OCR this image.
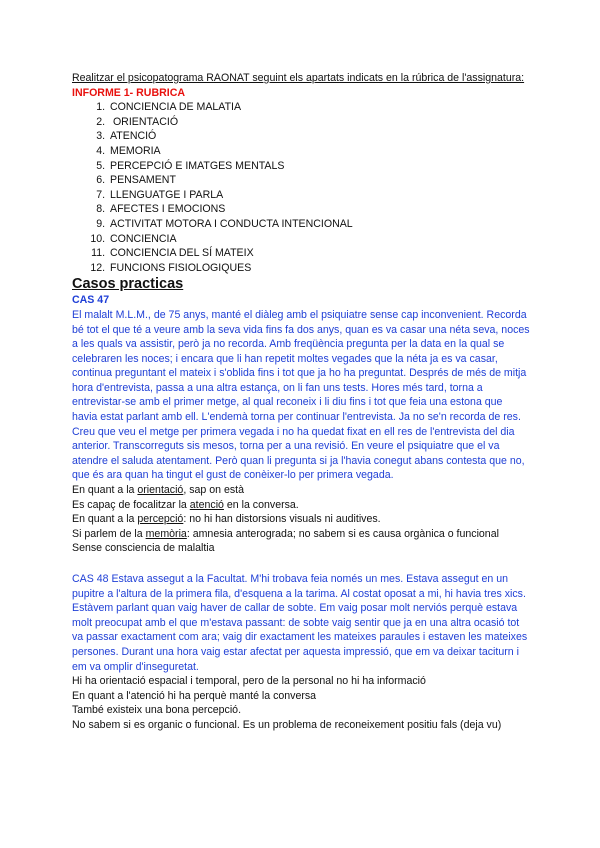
Realitzar el psicopatograma RAONAT seguint els apartats indicats en la rúbrica de l'assignatura:
INFORME 1- RUBRICA
1. CONCIENCIA DE MALATIA
2.  ORIENTACIÓ
3. ATENCIÓ
4. MEMORIA
5. PERCEPCIÓ E IMATGES MENTALS
6. PENSAMENT
7. LLENGUATGE I PARLA
8. AFECTES I EMOCIONS
9. ACTIVITAT MOTORA I CONDUCTA INTENCIONAL
10. CONCIENCIA
11. CONCIENCIA DEL SÍ MATEIX
12. FUNCIONS FISIOLOGIQUES
Casos practicas
CAS 47

El malalt M.L.M., de 75 anys, manté el diàleg amb el psiquiatre sense cap inconvenient. Recorda bé tot el que té a veure amb la seva vida fins fa dos anys, quan es va casar una néta seva, noces a les quals va assistir, però ja no recorda. Amb freqüència pregunta per la data en la qual se celebraren les noces; i encara que li han repetit moltes vegades que la néta ja es va casar, continua preguntant el mateix i s'oblida fins i tot que ja ho ha preguntat. Després de més de mitja hora d'entrevista, passa a una altra estança, on li fan uns tests. Hores més tard, torna a entrevistar-se amb el primer metge, al qual reconeix i li diu fins i tot que feia una estona que havia estat parlant amb ell. L'endemà torna per continuar l'entrevista. Ja no se'n recorda de res. Creu que veu el metge per primera vegada i no ha quedat fixat en ell res de l'entrevista del dia anterior. Transcorreguts sis mesos, torna per a una revisió. En veure el psiquiatre que el va atendre el saluda atentament. Però quan li pregunta si ja l'havia conegut abans contesta que no, que és ara quan ha tingut el gust de conèixer-lo per primera vegada.

En quant a la orientació, sap on està
Es capaç de focalitzar la atenció en la conversa.
En quant a la percepció: no hi han distorsions visuals ni auditives.
Si parlem de la memòria: amnesia anterograda; no sabem si es causa orgànica o funcional
Sense consciencia de malaltia

CAS 48 Estava assegut a la Facultat. M'hi trobava feia només un mes. Estava assegut en un pupitre a l'altura de la primera fila, d'esquena a la tarima. Al costat oposat a mi, hi havia tres xics. Estàvem parlant quan vaig haver de callar de sobte. Em vaig posar molt nerviós perquè estava molt preocupat amb el que m'estava passant: de sobte vaig sentir que ja en una altra ocasió tot va passar exactament com ara; vaig dir exactament les mateixes paraules i estaven les mateixes persones. Durant una hora vaig estar afectat per aquesta impressió, que em va deixar taciturn i em va omplir d'inseguretat.

Hi ha orientació espacial i temporal, pero de la personal no hi ha informació
En quant a l'atenció hi ha perquè manté la conversa
També existeix una bona percepció.
No sabem si es organic o funcional. Es un problema de reconeixement positiu fals (deja vu)
